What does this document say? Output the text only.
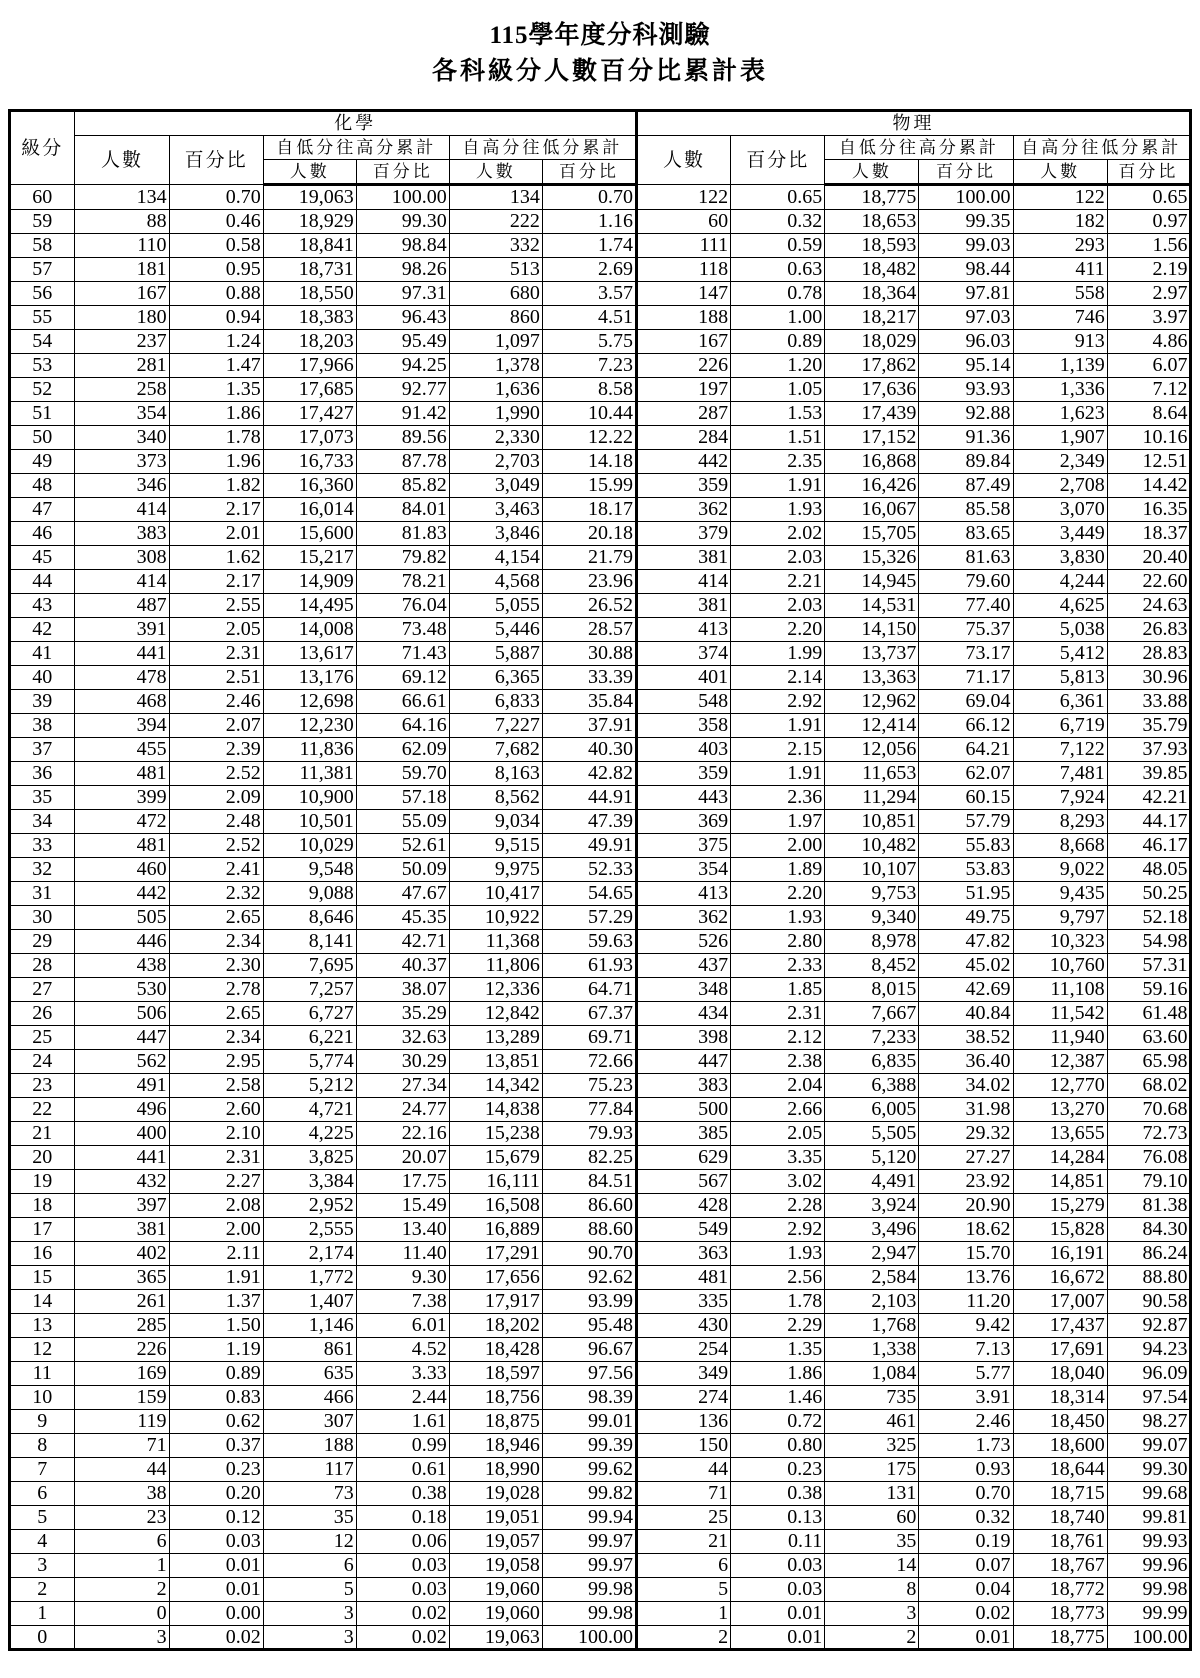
115學年度分科測驗
各科級分人數百分比累計表
級分	化學						物理					
	人數	百分比	自低分往高分累計		自高分往低分累計		人數	百分比	自低分往高分累計		自高分往低分累計	
			人數	百分比	人數	百分比			人數	百分比	人數	百分比
60	134	0.70	19,063	100.00	134	0.70	122	0.65	18,775	100.00	122	0.65
59	88	0.46	18,929	99.30	222	1.16	60	0.32	18,653	99.35	182	0.97
58	110	0.58	18,841	98.84	332	1.74	111	0.59	18,593	99.03	293	1.56
57	181	0.95	18,731	98.26	513	2.69	118	0.63	18,482	98.44	411	2.19
56	167	0.88	18,550	97.31	680	3.57	147	0.78	18,364	97.81	558	2.97
55	180	0.94	18,383	96.43	860	4.51	188	1.00	18,217	97.03	746	3.97
54	237	1.24	18,203	95.49	1,097	5.75	167	0.89	18,029	96.03	913	4.86
53	281	1.47	17,966	94.25	1,378	7.23	226	1.20	17,862	95.14	1,139	6.07
52	258	1.35	17,685	92.77	1,636	8.58	197	1.05	17,636	93.93	1,336	7.12
51	354	1.86	17,427	91.42	1,990	10.44	287	1.53	17,439	92.88	1,623	8.64
50	340	1.78	17,073	89.56	2,330	12.22	284	1.51	17,152	91.36	1,907	10.16
49	373	1.96	16,733	87.78	2,703	14.18	442	2.35	16,868	89.84	2,349	12.51
48	346	1.82	16,360	85.82	3,049	15.99	359	1.91	16,426	87.49	2,708	14.42
47	414	2.17	16,014	84.01	3,463	18.17	362	1.93	16,067	85.58	3,070	16.35
46	383	2.01	15,600	81.83	3,846	20.18	379	2.02	15,705	83.65	3,449	18.37
45	308	1.62	15,217	79.82	4,154	21.79	381	2.03	15,326	81.63	3,830	20.40
44	414	2.17	14,909	78.21	4,568	23.96	414	2.21	14,945	79.60	4,244	22.60
43	487	2.55	14,495	76.04	5,055	26.52	381	2.03	14,531	77.40	4,625	24.63
42	391	2.05	14,008	73.48	5,446	28.57	413	2.20	14,150	75.37	5,038	26.83
41	441	2.31	13,617	71.43	5,887	30.88	374	1.99	13,737	73.17	5,412	28.83
40	478	2.51	13,176	69.12	6,365	33.39	401	2.14	13,363	71.17	5,813	30.96
39	468	2.46	12,698	66.61	6,833	35.84	548	2.92	12,962	69.04	6,361	33.88
38	394	2.07	12,230	64.16	7,227	37.91	358	1.91	12,414	66.12	6,719	35.79
37	455	2.39	11,836	62.09	7,682	40.30	403	2.15	12,056	64.21	7,122	37.93
36	481	2.52	11,381	59.70	8,163	42.82	359	1.91	11,653	62.07	7,481	39.85
35	399	2.09	10,900	57.18	8,562	44.91	443	2.36	11,294	60.15	7,924	42.21
34	472	2.48	10,501	55.09	9,034	47.39	369	1.97	10,851	57.79	8,293	44.17
33	481	2.52	10,029	52.61	9,515	49.91	375	2.00	10,482	55.83	8,668	46.17
32	460	2.41	9,548	50.09	9,975	52.33	354	1.89	10,107	53.83	9,022	48.05
31	442	2.32	9,088	47.67	10,417	54.65	413	2.20	9,753	51.95	9,435	50.25
30	505	2.65	8,646	45.35	10,922	57.29	362	1.93	9,340	49.75	9,797	52.18
29	446	2.34	8,141	42.71	11,368	59.63	526	2.80	8,978	47.82	10,323	54.98
28	438	2.30	7,695	40.37	11,806	61.93	437	2.33	8,452	45.02	10,760	57.31
27	530	2.78	7,257	38.07	12,336	64.71	348	1.85	8,015	42.69	11,108	59.16
26	506	2.65	6,727	35.29	12,842	67.37	434	2.31	7,667	40.84	11,542	61.48
25	447	2.34	6,221	32.63	13,289	69.71	398	2.12	7,233	38.52	11,940	63.60
24	562	2.95	5,774	30.29	13,851	72.66	447	2.38	6,835	36.40	12,387	65.98
23	491	2.58	5,212	27.34	14,342	75.23	383	2.04	6,388	34.02	12,770	68.02
22	496	2.60	4,721	24.77	14,838	77.84	500	2.66	6,005	31.98	13,270	70.68
21	400	2.10	4,225	22.16	15,238	79.93	385	2.05	5,505	29.32	13,655	72.73
20	441	2.31	3,825	20.07	15,679	82.25	629	3.35	5,120	27.27	14,284	76.08
19	432	2.27	3,384	17.75	16,111	84.51	567	3.02	4,491	23.92	14,851	79.10
18	397	2.08	2,952	15.49	16,508	86.60	428	2.28	3,924	20.90	15,279	81.38
17	381	2.00	2,555	13.40	16,889	88.60	549	2.92	3,496	18.62	15,828	84.30
16	402	2.11	2,174	11.40	17,291	90.70	363	1.93	2,947	15.70	16,191	86.24
15	365	1.91	1,772	9.30	17,656	92.62	481	2.56	2,584	13.76	16,672	88.80
14	261	1.37	1,407	7.38	17,917	93.99	335	1.78	2,103	11.20	17,007	90.58
13	285	1.50	1,146	6.01	18,202	95.48	430	2.29	1,768	9.42	17,437	92.87
12	226	1.19	861	4.52	18,428	96.67	254	1.35	1,338	7.13	17,691	94.23
11	169	0.89	635	3.33	18,597	97.56	349	1.86	1,084	5.77	18,040	96.09
10	159	0.83	466	2.44	18,756	98.39	274	1.46	735	3.91	18,314	97.54
9	119	0.62	307	1.61	18,875	99.01	136	0.72	461	2.46	18,450	98.27
8	71	0.37	188	0.99	18,946	99.39	150	0.80	325	1.73	18,600	99.07
7	44	0.23	117	0.61	18,990	99.62	44	0.23	175	0.93	18,644	99.30
6	38	0.20	73	0.38	19,028	99.82	71	0.38	131	0.70	18,715	99.68
5	23	0.12	35	0.18	19,051	99.94	25	0.13	60	0.32	18,740	99.81
4	6	0.03	12	0.06	19,057	99.97	21	0.11	35	0.19	18,761	99.93
3	1	0.01	6	0.03	19,058	99.97	6	0.03	14	0.07	18,767	99.96
2	2	0.01	5	0.03	19,060	99.98	5	0.03	8	0.04	18,772	99.98
1	0	0.00	3	0.02	19,060	99.98	1	0.01	3	0.02	18,773	99.99
0	3	0.02	3	0.02	19,063	100.00	2	0.01	2	0.01	18,775	100.00
